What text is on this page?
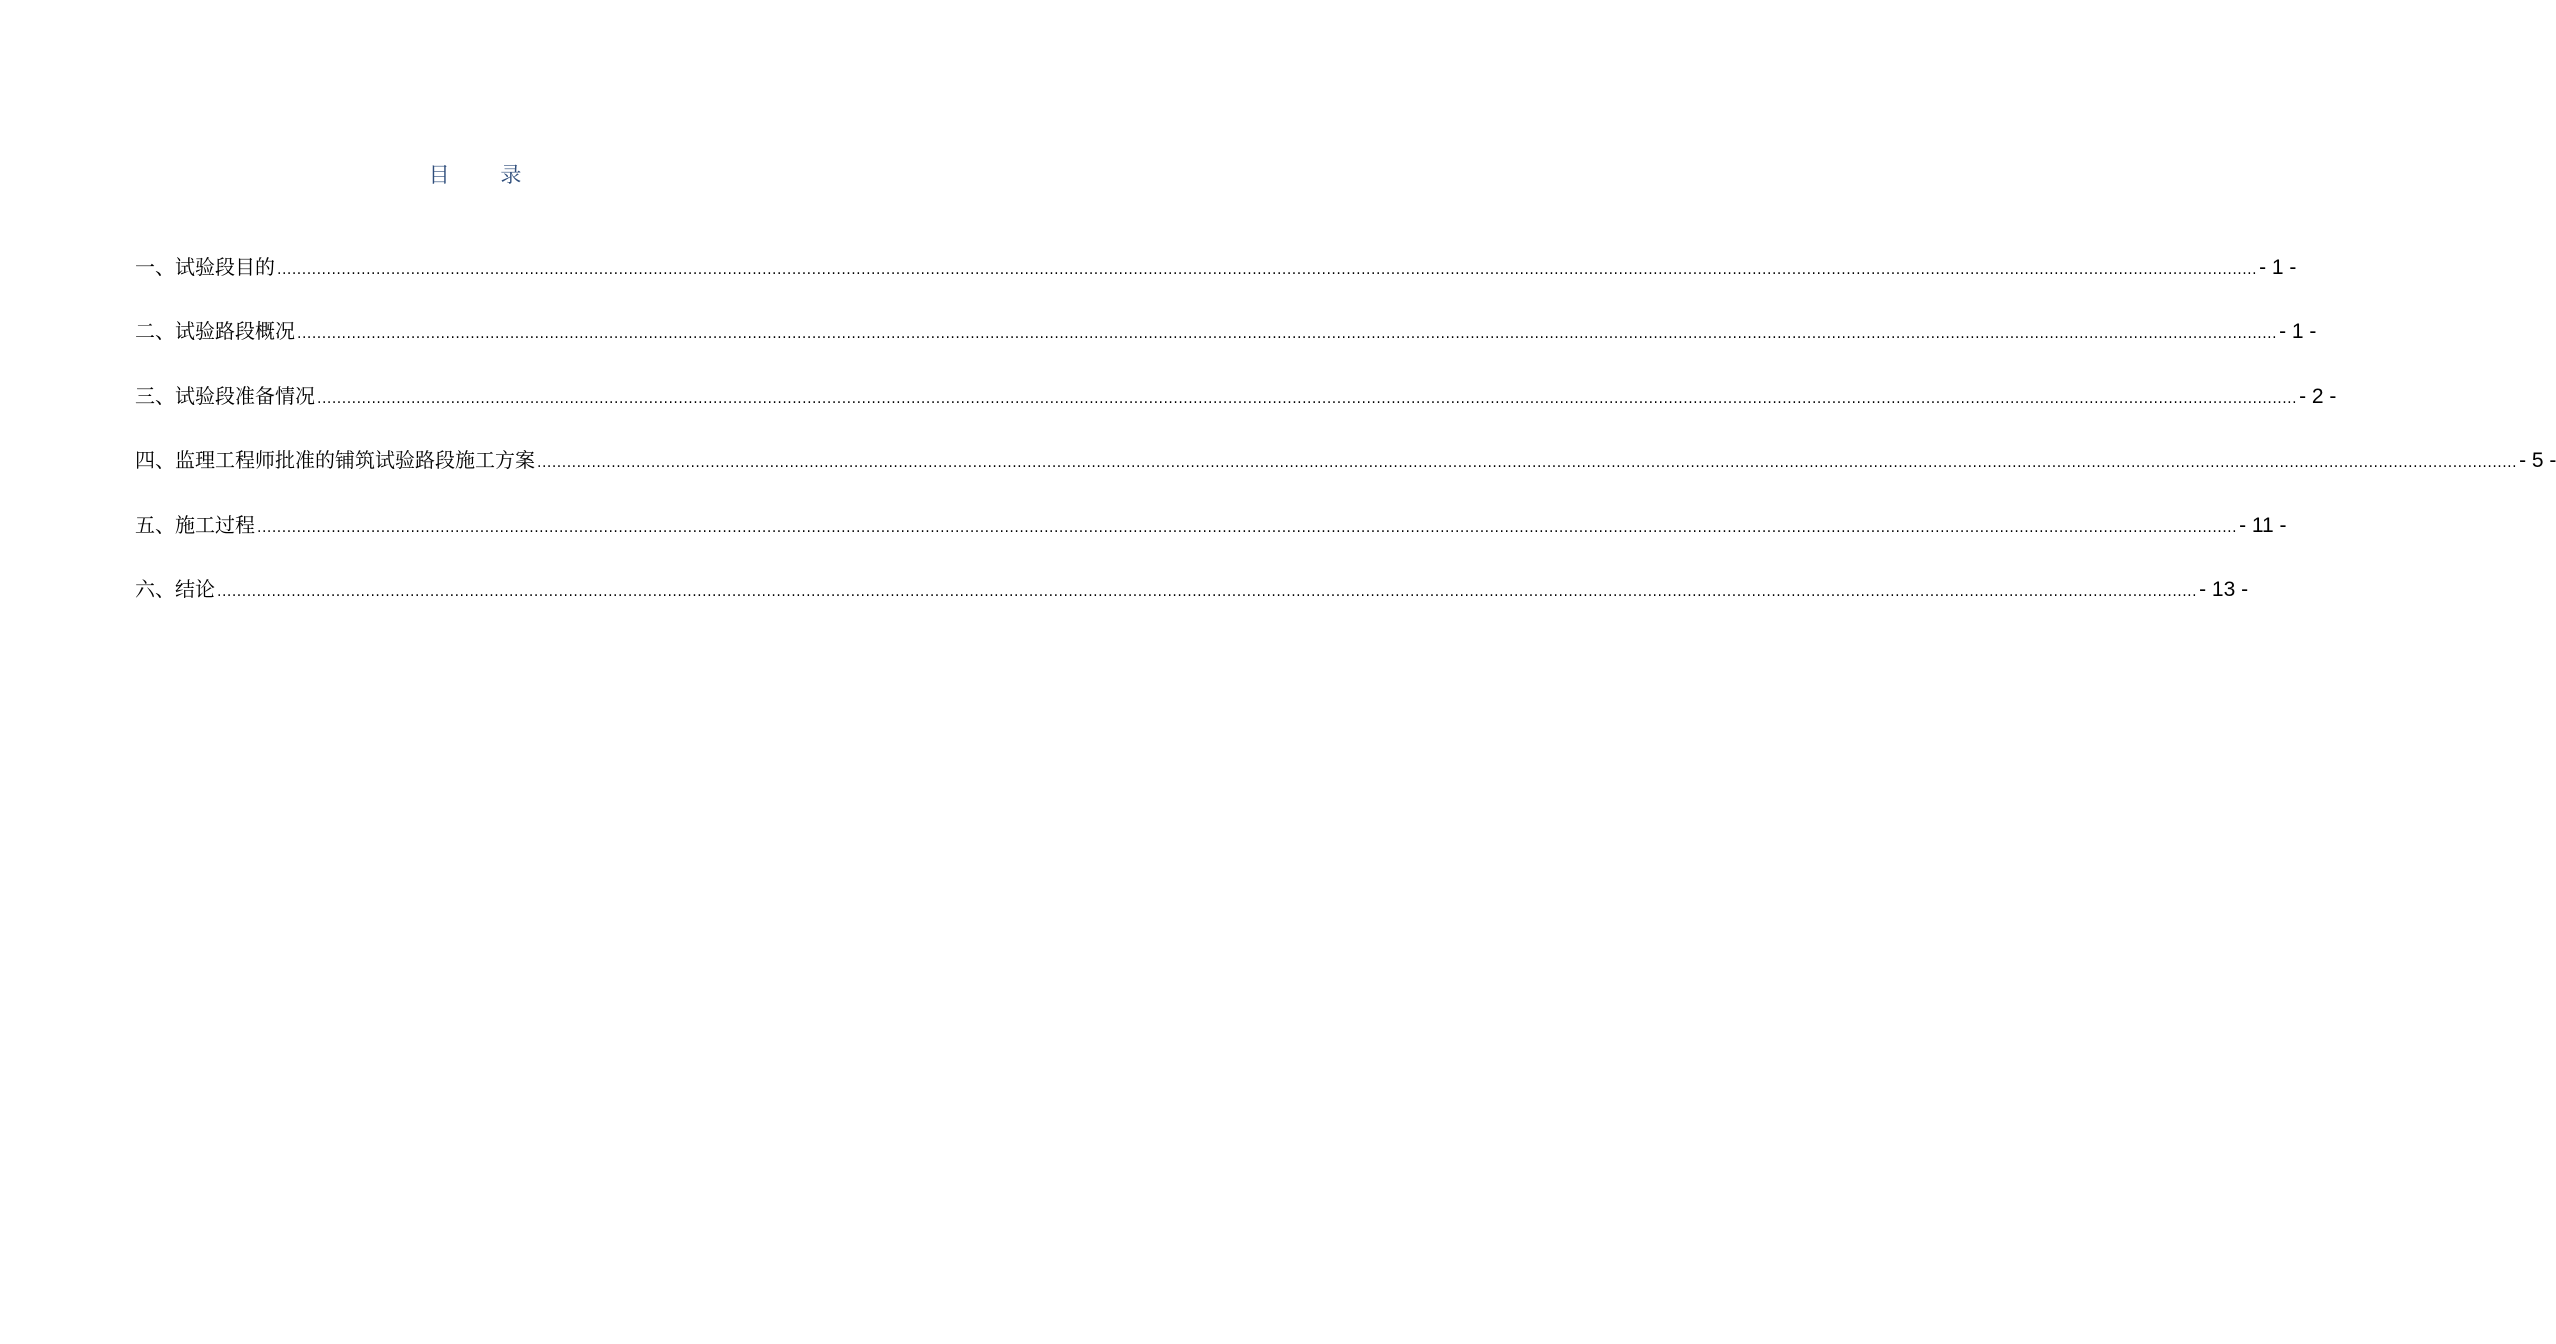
目 录
一、 试验段目的 ................................................................................................................................................................................................................................................................................................................................................................................................................ - 1 -
二、 试验路段概况 ................................................................................................................................................................................................................................................................................................................................................................................................................ - 1 -
三、 试验段准备情况 ................................................................................................................................................................................................................................................................................................................................................................................................................ - 2 -
四、 监理工程师批准的铺筑试验路段施工方案 ................................................................................................................................................................................................................................................................................................................................................................................................................ - 5 -
五、 施工过程 ................................................................................................................................................................................................................................................................................................................................................................................................................ - 11 -
六、 结论 ................................................................................................................................................................................................................................................................................................................................................................................................................ - 13 -
